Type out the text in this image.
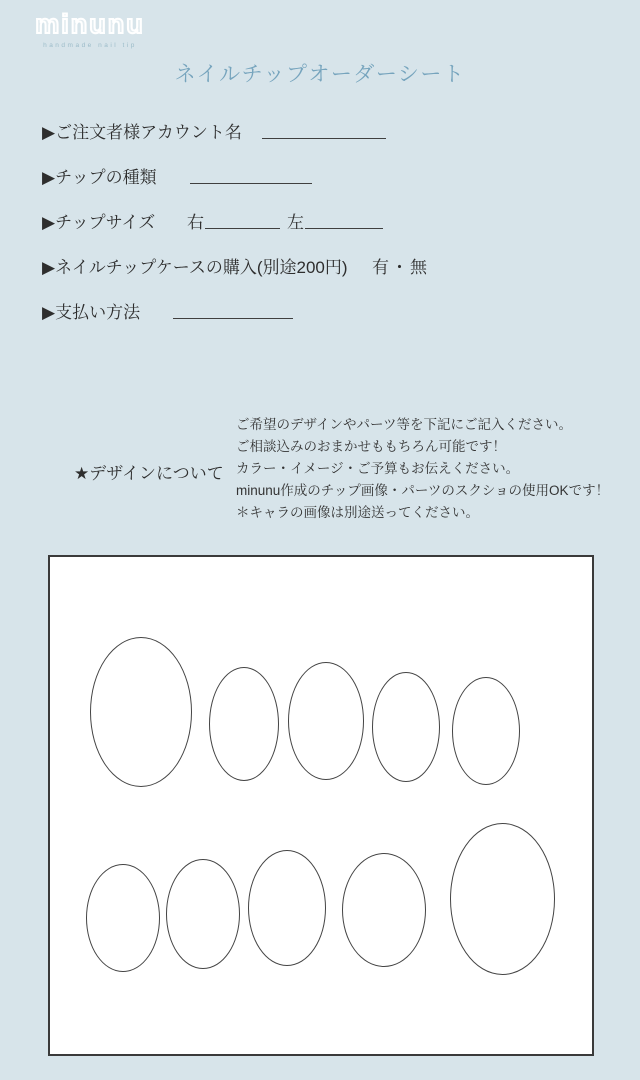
minunu
handmade nail tip
ネイルチップオーダーシート
▶ご注文者様アカウント名
▶チップの種類
▶チップサイズ 右	左
▶ネイルチップケースの購入(別途200円) 有・無
▶支払い方法
★デザインについて
ご希望のデザインやパーツ等を下記にご記入ください。
ご相談込みのおまかせももちろん可能です！
カラー・イメージ・ご予算もお伝えください。
minunu作成のチップ画像・パーツのスクショの使用OKです！
＊キャラの画像は別途送ってください。
